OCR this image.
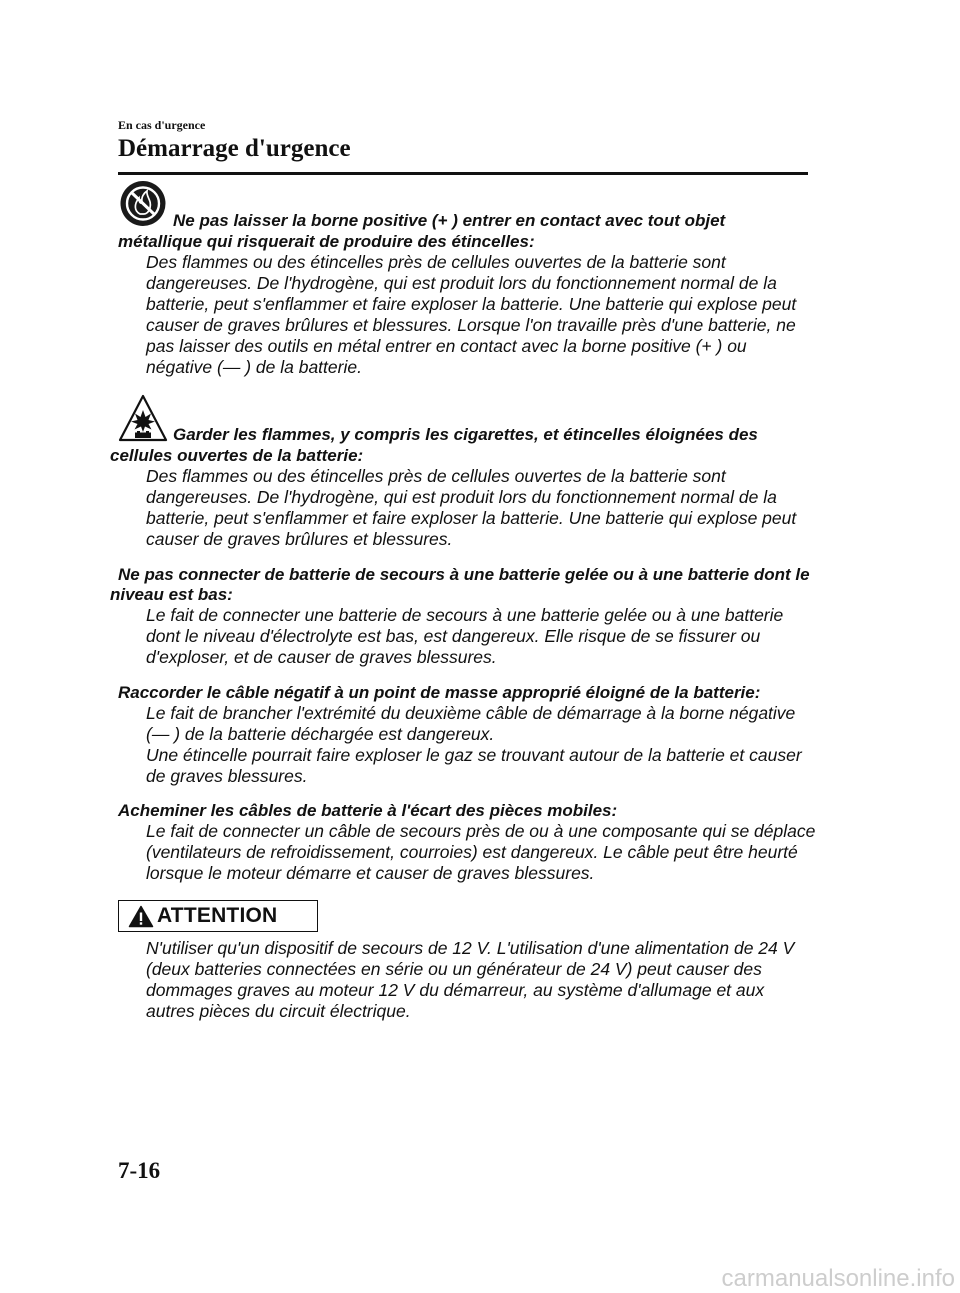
En cas d'urgence
Démarrage d'urgence
Ne pas laisser la borne positive (+ ) entrer en contact avec tout objet
métallique qui risquerait de produire des étincelles:
Des flammes ou des étincelles près de cellules ouvertes de la batterie sont
dangereuses. De l'hydrogène, qui est produit lors du fonctionnement normal de la
batterie, peut s'enflammer et faire exploser la batterie. Une batterie qui explose peut
causer de graves brûlures et blessures. Lorsque l'on travaille près d'une batterie, ne
pas laisser des outils en métal entrer en contact avec la borne positive (+ ) ou
négative (— ) de la batterie.
Garder les flammes, y compris les cigarettes, et étincelles éloignées des
cellules ouvertes de la batterie:
Des flammes ou des étincelles près de cellules ouvertes de la batterie sont
dangereuses. De l'hydrogène, qui est produit lors du fonctionnement normal de la
batterie, peut s'enflammer et faire exploser la batterie. Une batterie qui explose peut
causer de graves brûlures et blessures.
Ne pas connecter de batterie de secours à une batterie gelée ou à une batterie dont le
niveau est bas:
Le fait de connecter une batterie de secours à une batterie gelée ou à une batterie
dont le niveau d'électrolyte est bas, est dangereux. Elle risque de se fissurer ou
d'exploser, et de causer de graves blessures.
Raccorder le câble négatif à un point de masse approprié éloigné de la batterie:
Le fait de brancher l'extrémité du deuxième câble de démarrage à la borne négative
(— ) de la batterie déchargée est dangereux.
Une étincelle pourrait faire exploser le gaz se trouvant autour de la batterie et causer
de graves blessures.
Acheminer les câbles de batterie à l'écart des pièces mobiles:
Le fait de connecter un câble de secours près de ou à une composante qui se déplace
(ventilateurs de refroidissement, courroies) est dangereux. Le câble peut être heurté
lorsque le moteur démarre et causer de graves blessures.
ATTENTION
N'utiliser qu'un dispositif de secours de 12 V. L'utilisation d'une alimentation de 24 V
(deux batteries connectées en série ou un générateur de 24 V) peut causer des
dommages graves au moteur 12 V du démarreur, au système d'allumage et aux
autres pièces du circuit électrique.
7-16
carmanualsonline.info
